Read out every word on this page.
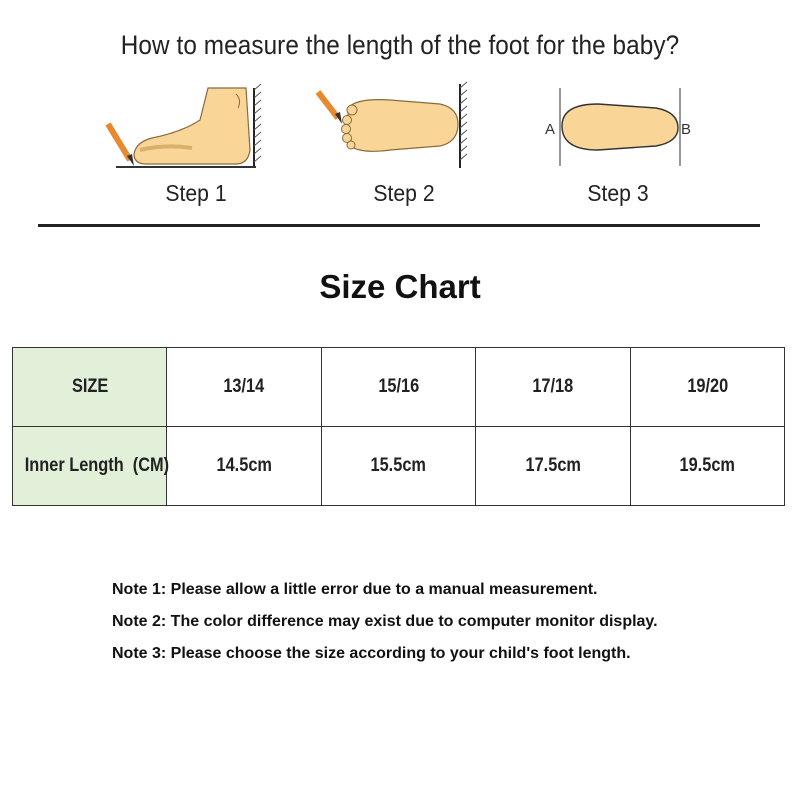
How to measure the length of the foot for the baby?
Step 1	Step 2
A	B
Step 3
Size Chart
SIZE	13/14	15/16	17/18	19/20
Inner Length  (CM)	14.5cm	15.5cm	17.5cm	19.5cm
Note 1: Please allow a little error due to a manual measurement.
Note 2: The color difference may exist due to computer monitor display.
Note 3: Please choose the size according to your child's foot length.
